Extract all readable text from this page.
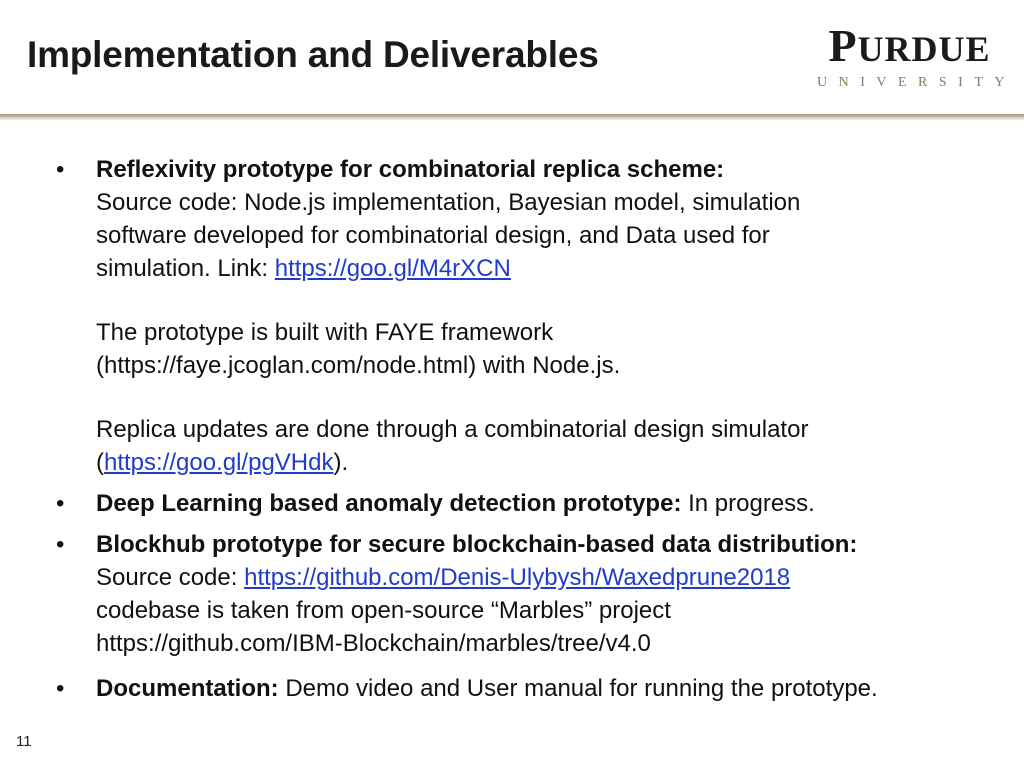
Implementation and Deliverables	PURDUE
UNIVERSITY
• Reflexivity prototype for combinatorial replica scheme:
Source code: Node.js implementation, Bayesian model, simulation
software developed for combinatorial design, and Data used for
simulation. Link: https://goo.gl/M4rXCN
The prototype is built with FAYE framework
(https://faye.jcoglan.com/node.html) with Node.js.
Replica updates are done through a combinatorial design simulator
(https://goo.gl/pgVHdk).
• Deep Learning based anomaly detection prototype: In progress.
• Blockhub prototype for secure blockchain-based data distribution:
Source code: https://github.com/Denis-Ulybysh/Waxedprune2018
codebase is taken from open-source “Marbles” project
https://github.com/IBM-Blockchain/marbles/tree/v4.0
• Documentation: Demo video and User manual for running the prototype.
11
